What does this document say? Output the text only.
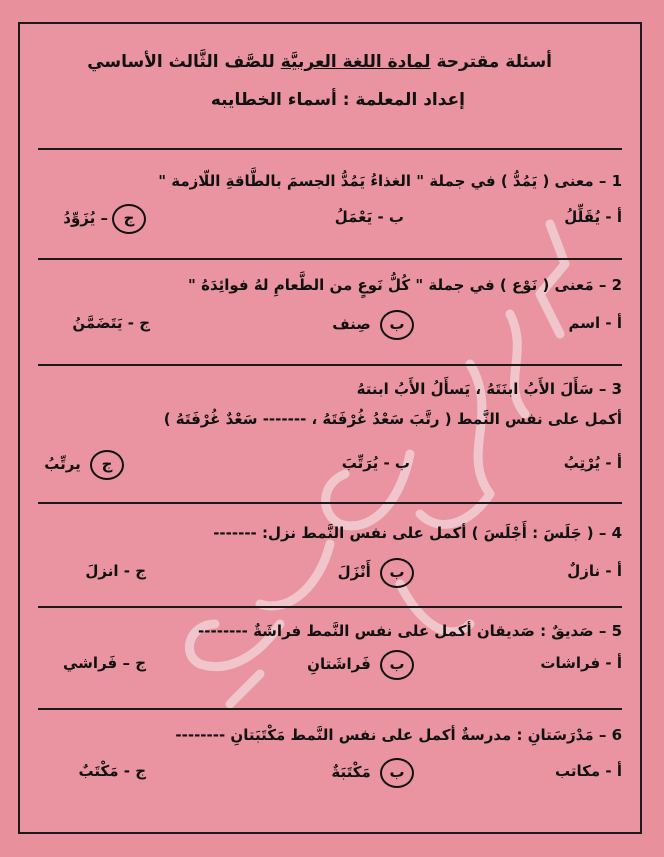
أسئلة مقترحة لمادة اللغة العربيَّة للصَّف الثَّالث الأساسي
إعداد المعلمة : أسماء الخطايبه
1 – معنى ( يَمُدُّ ) في جملة " الغذاءُ يَمُدُّ الجسمَ بالطَّاقةِ اللّازمة "
أ - يُقَلِّلُ
ب - يَعْمَلُ
ج– يُزَوِّدُ
2 – مَعنى ( نَوْع ) في جملة " كُلُّ نَوعٍ من الطَّعامِ لهُ فوائِدَهُ "
أ - اسم
ب صِنف
ج - يَتَضَمَّنُ
3 – سَأَلَ الأَبُ ابنَتَهُ ، يَسأَلُ الأَبُ ابنتهُ
أكمل على نفس النَّمط ( رتَّبَ سَعْدُ غُرْفَتَهُ ، ------- سَعْدٌ غُرْفَتَهُ )
أ - يُرْتِبُ
ب - يُرَتِّبَ
ج يرتِّبُ
4 – ( جَلَسَ : أَجْلَسَ ) أكمل على نفس النَّمط نزل: -------
أ - نازلٌ
ب أَنْزَلَ
ج - انزلَ
5 – صَديقٌ : صَديقان أكمل على نفس النَّمط فراشَةٌ --------
أ - فراشات
ب فَراشَتانِ
ج – فَراشي
6 – مَدْرَسَتانِ : مدرسةٌ أكمل على نفس النَّمط مَكْتَبَتانِ --------
أ - مكاتب
ب مَكْتَبَةٌ
ج - مَكْتَبٌ
